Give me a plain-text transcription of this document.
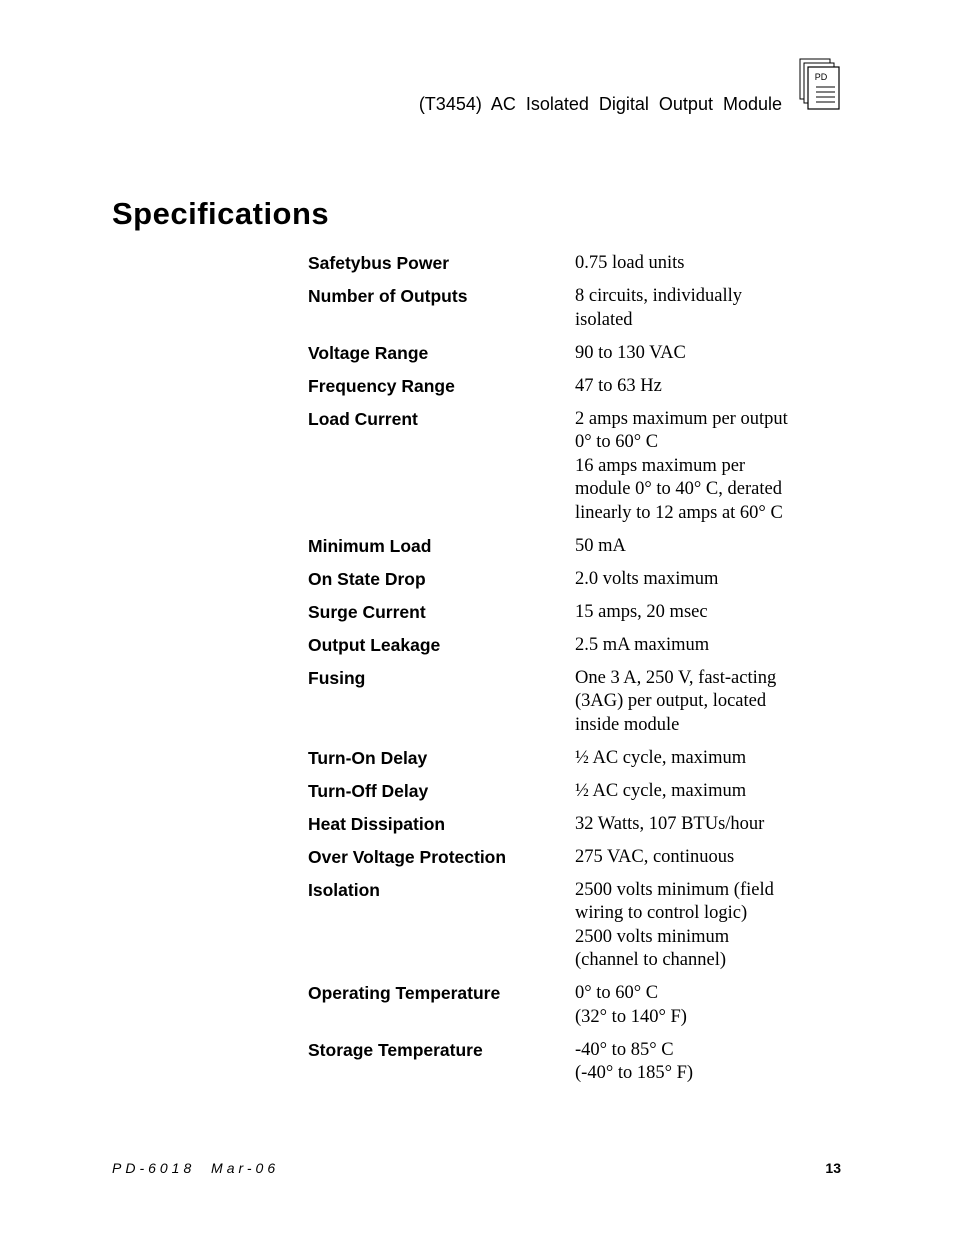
(T3454) AC Isolated Digital Output Module
PD
Specifications
Safetybus Power	0.75 load units
Number of Outputs	8 circuits, individually
isolated
Voltage Range	90 to 130 VAC
Frequency Range	47 to 63 Hz
Load Current	2 amps maximum per output
0° to 60° C
16 amps maximum per
module 0° to 40° C, derated
linearly to 12 amps at 60° C
Minimum Load	50 mA
On State Drop	2.0 volts maximum
Surge Current	15 amps, 20 msec
Output Leakage	2.5 mA maximum
Fusing	One 3 A, 250 V, fast-acting
(3AG) per output, located
inside module
Turn-On Delay	½ AC cycle, maximum
Turn-Off Delay	½ AC cycle, maximum
Heat Dissipation	32 Watts, 107 BTUs/hour
Over Voltage Protection	275 VAC, continuous
Isolation	2500 volts minimum (field
wiring to control logic)
2500 volts minimum
(channel to channel)
Operating Temperature	0° to 60° C
(32° to 140° F)
Storage Temperature	-40° to 85° C
(-40° to 185° F)
PD-6018  Mar-06	13
